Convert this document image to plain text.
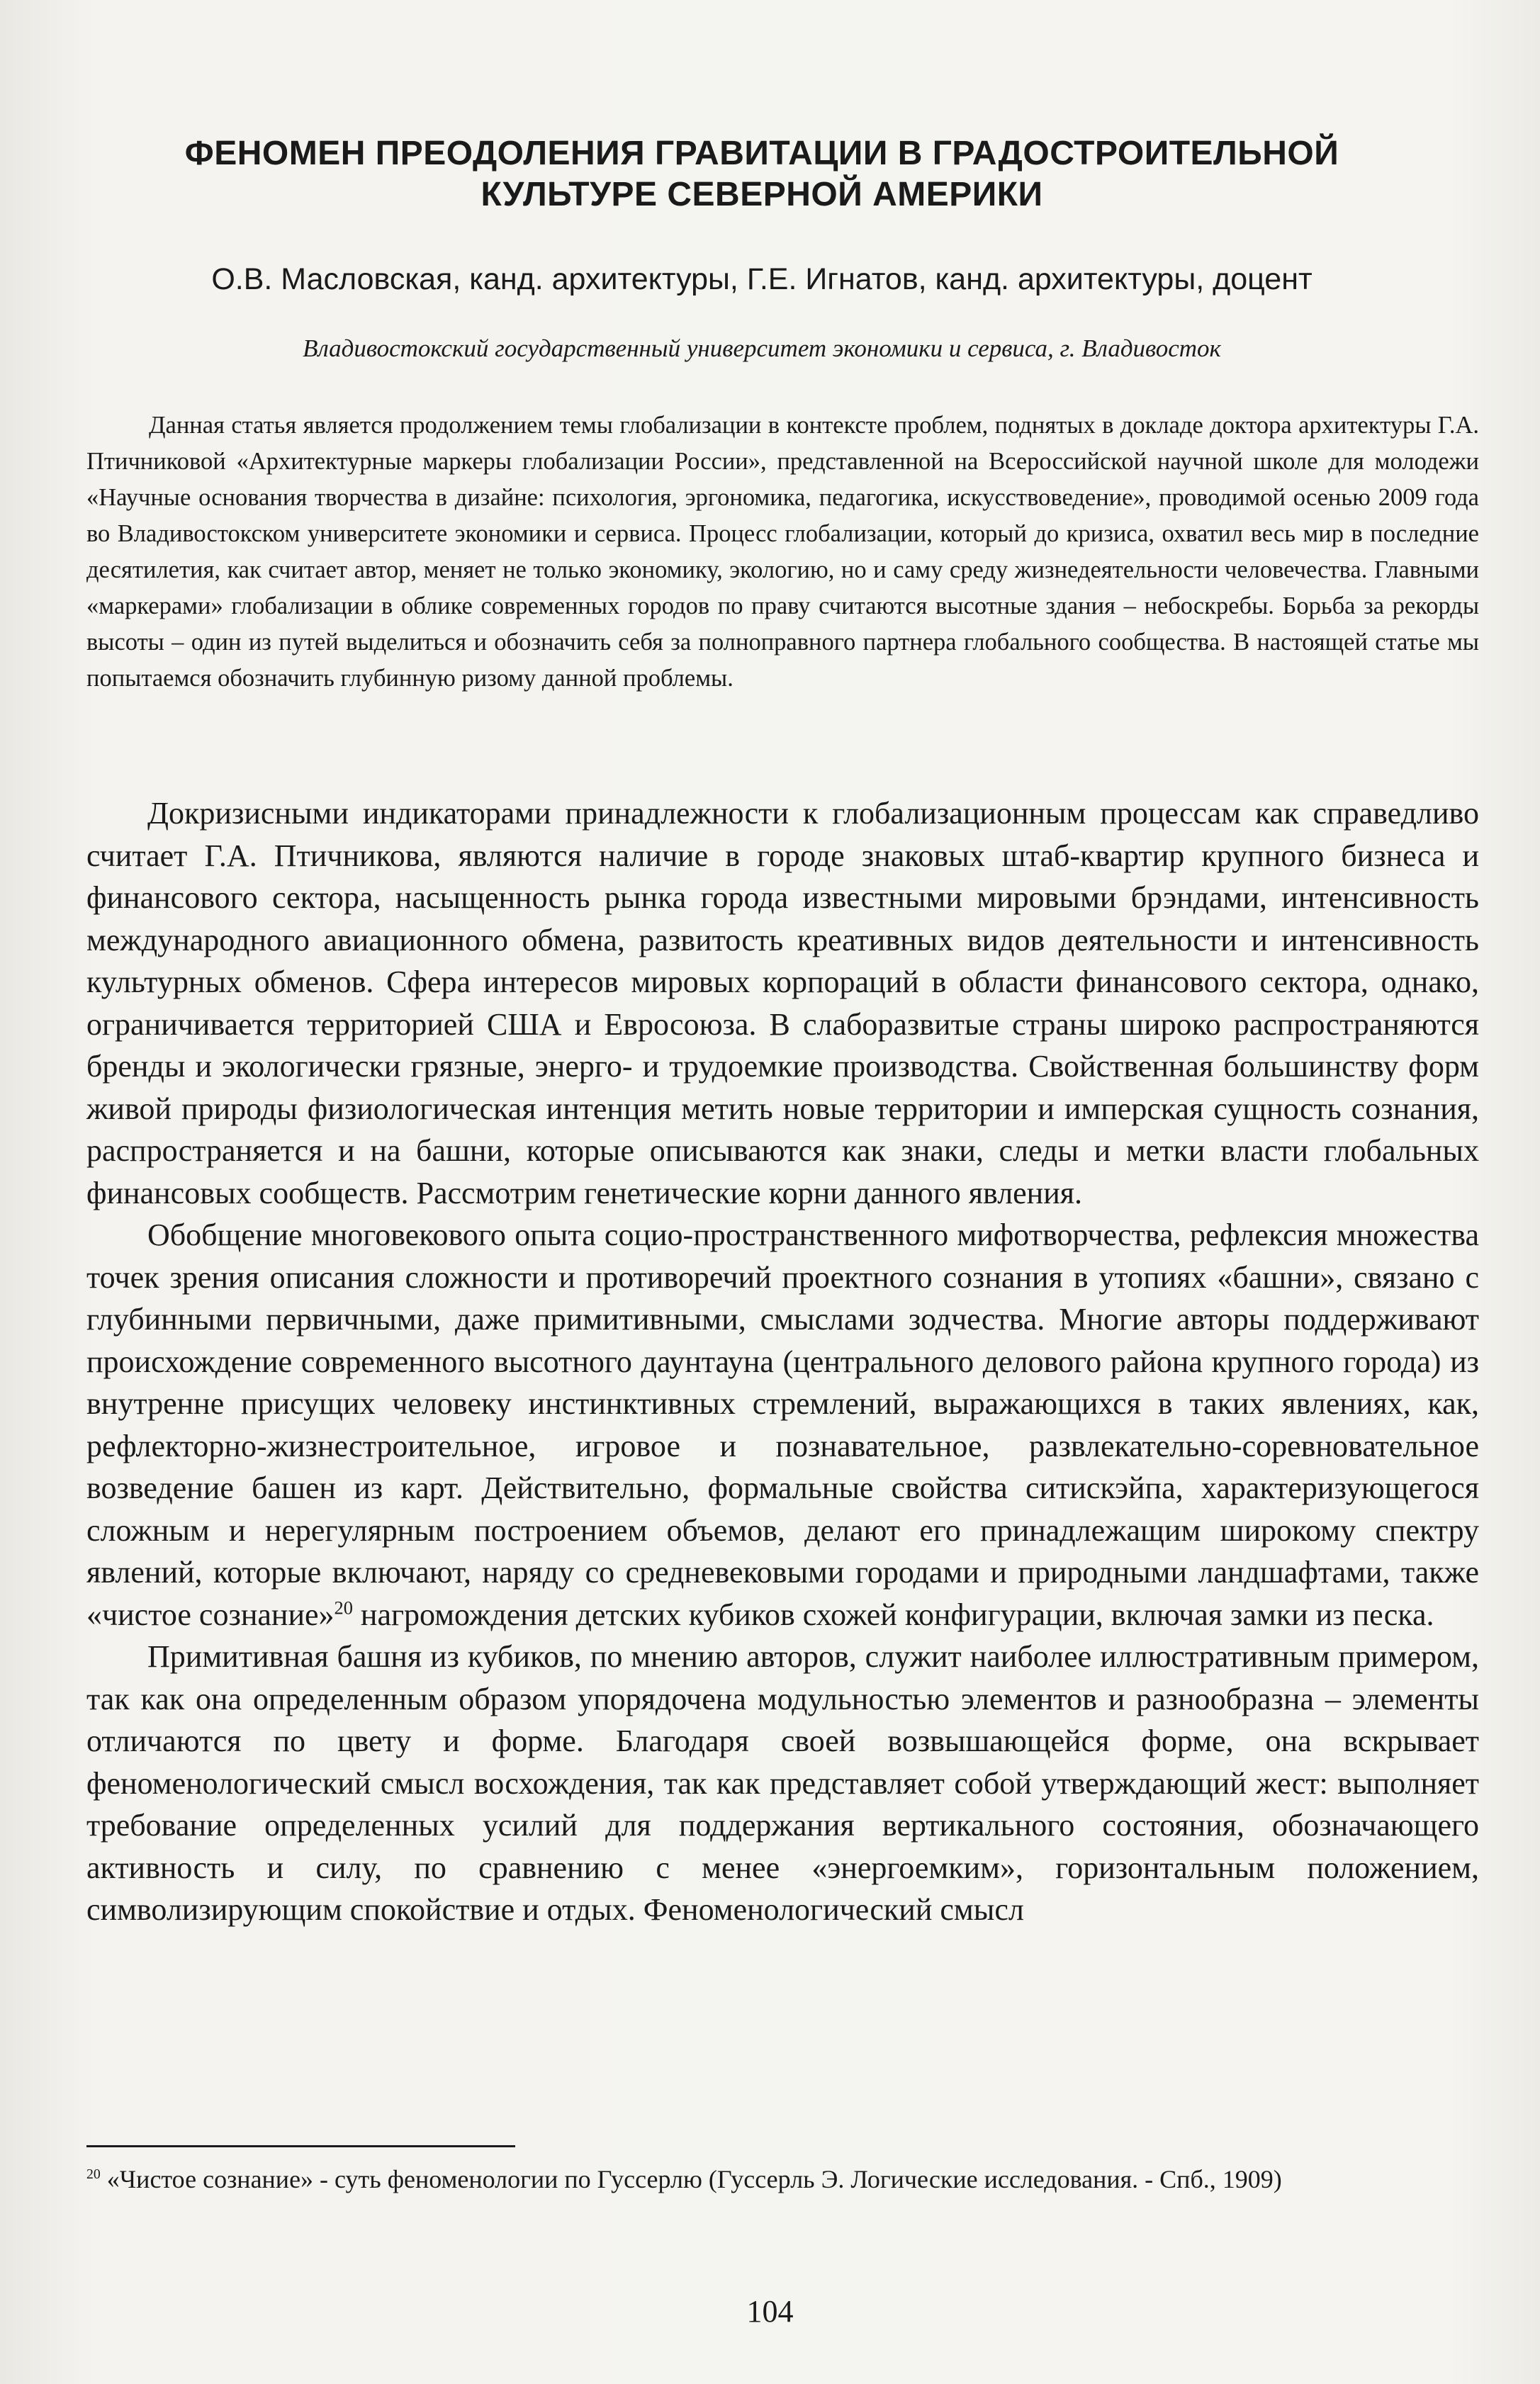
ФЕНОМЕН ПРЕОДОЛЕНИЯ ГРАВИТАЦИИ В ГРАДОСТРОИТЕЛЬНОЙ
КУЛЬТУРЕ СЕВЕРНОЙ АМЕРИКИ
О.В. Масловская, канд. архитектуры, Г.Е. Игнатов, канд. архитектуры, доцент
Владивостокский государственный университет экономики и сервиса, г. Владивосток

Данная статья является продолжением темы глобализации в контексте проблем, поднятых в докладе доктора архитектуры Г.А. Птичниковой «Архитектурные маркеры глобализации России», представленной на Всероссийской научной школе для молодежи «Научные основания творчества в дизайне: психология, эргономика, педагогика, искусствоведение», проводимой осенью 2009 года во Владивостокском университете экономики и сервиса. Процесс глобализации, который до кризиса, охватил весь мир в последние десятилетия, как считает автор, меняет не только экономику, экологию, но и саму среду жизнедеятельности человечества. Главными «маркерами» глобализации в облике современных городов по праву считаются высотные здания – небоскребы. Борьба за рекорды высоты – один из путей выделиться и обозначить себя за полноправного партнера глобального сообщества. В настоящей статье мы попытаемся обозначить глубинную ризому данной проблемы.

Докризисными индикаторами принадлежности к глобализационным процессам как справедливо считает Г.А. Птичникова, являются наличие в городе знаковых штаб-квартир крупного бизнеса и финансового сектора, насыщенность рынка города известными мировыми брэндами, интенсивность международного авиационного обмена, развитость креативных видов деятельности и интенсивность культурных обменов. Сфера интересов мировых корпораций в области финансового сектора, однако, ограничивается территорией США и Евросоюза. В слаборазвитые страны широко распространяются бренды и экологически грязные, энерго- и трудоемкие производства. Свойственная большинству форм живой природы физиологическая интенция метить новые территории и имперская сущность сознания, распространяется и на башни, которые описываются как знаки, следы и метки власти глобальных финансовых сообществ. Рассмотрим генетические корни данного явления.

Обобщение многовекового опыта социо-пространственного мифотворчества, рефлексия множества точек зрения описания сложности и противоречий проектного сознания в утопиях «башни», связано с глубинными первичными, даже примитивными, смыслами зодчества. Многие авторы поддерживают происхождение современного высотного даунтауна (центрального делового района крупного города) из внутренне присущих человеку инстинктивных стремлений, выражающихся в таких явлениях, как, рефлекторно-жизнестроительное, игровое и познавательное, развлекательно-соревновательное возведение башен из карт. Действительно, формальные свойства ситискэйпа, характеризующегося сложным и нерегулярным построением объемов, делают его принадлежащим широкому спектру явлений, которые включают, наряду со средневековыми городами и природными ландшафтами, также «чистое сознание»$^{20}$ нагромождения детских кубиков схожей конфигурации, включая замки из песка.

Примитивная башня из кубиков, по мнению авторов, служит наиболее иллюстративным примером, так как она определенным образом упорядочена модульностью элементов и разнообразна – элементы отличаются по цвету и форме. Благодаря своей возвышающейся форме, она вскрывает феноменологический смысл восхождения, так как представляет собой утверждающий жест: выполняет требование определенных усилий для поддержания вертикального состояния, обозначающего активность и силу, по сравнению с менее «энергоемким», горизонтальным положением, символизирующим спокойствие и отдых. Феноменологический смысл

$^{20}$ «Чистое сознание» - суть феноменологии по Гуссерлю (Гуссерль Э. Логические исследования. - Спб., 1909)

104
